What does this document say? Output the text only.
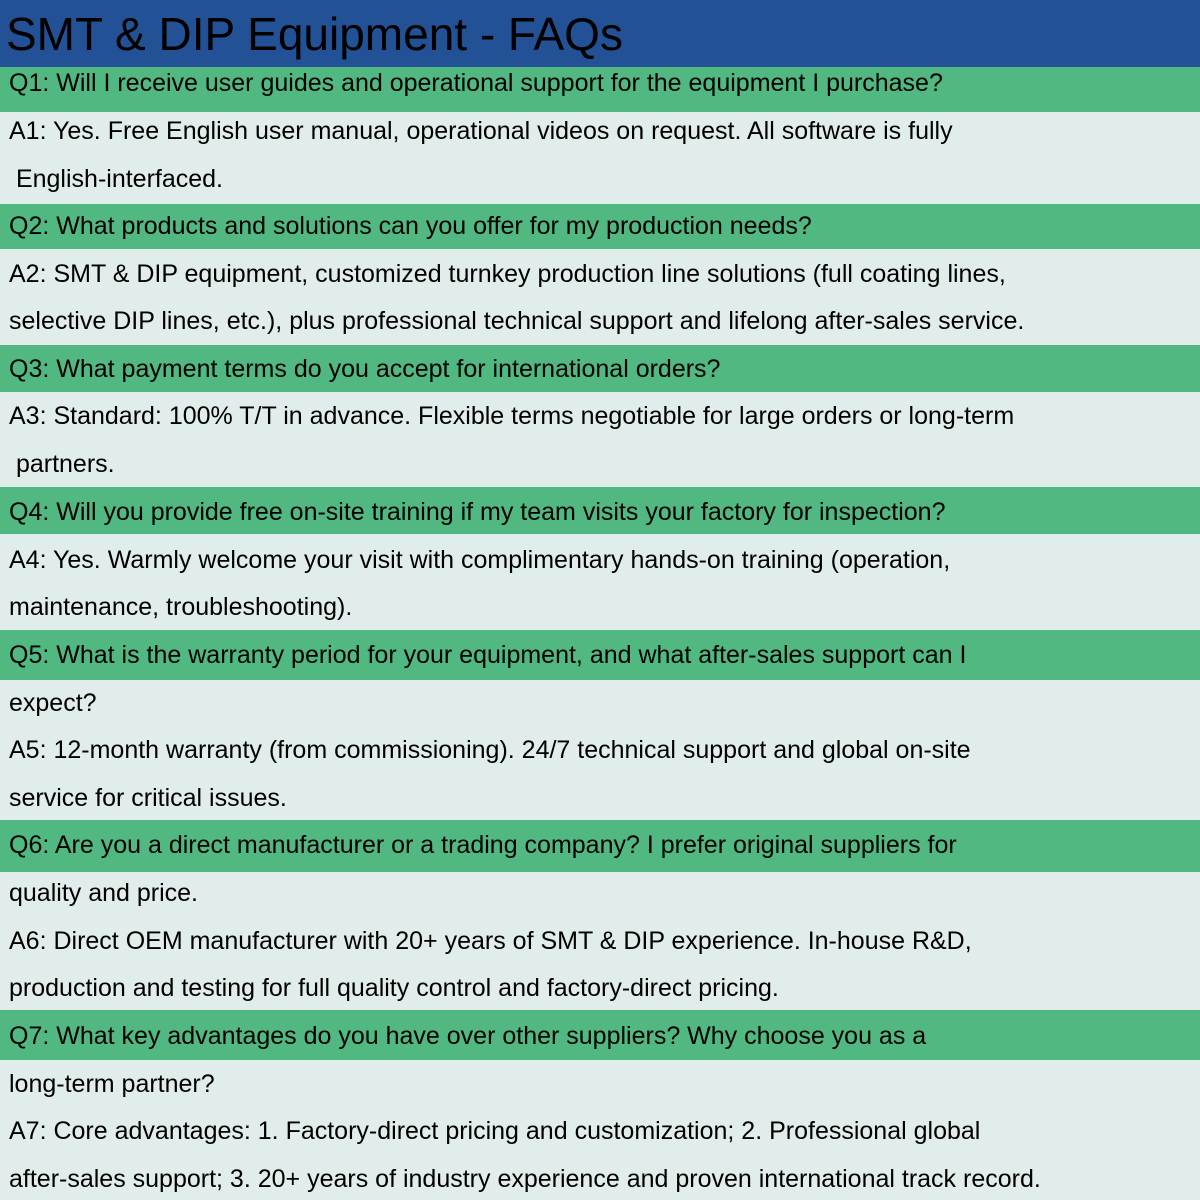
SMT & DIP Equipment - FAQs
Q1: Will I receive user guides and operational support for the equipment I purchase?
A1: Yes. Free English user manual, operational videos on request. All software is fully
English-interfaced.
Q2: What products and solutions can you offer for my production needs?
A2: SMT & DIP equipment, customized turnkey production line solutions (full coating lines,
selective DIP lines, etc.), plus professional technical support and lifelong after-sales service.
Q3: What payment terms do you accept for international orders?
A3: Standard: 100% T/T in advance. Flexible terms negotiable for large orders or long-term
partners.
Q4: Will you provide free on-site training if my team visits your factory for inspection?
A4: Yes. Warmly welcome your visit with complimentary hands-on training (operation,
maintenance, troubleshooting).
Q5: What is the warranty period for your equipment, and what after-sales support can I
expect?
A5: 12-month warranty (from commissioning). 24/7 technical support and global on-site
service for critical issues.
Q6: Are you a direct manufacturer or a trading company? I prefer original suppliers for
quality and price.
A6: Direct OEM manufacturer with 20+ years of SMT & DIP experience. In-house R&D,
production and testing for full quality control and factory-direct pricing.
Q7: What key advantages do you have over other suppliers? Why choose you as a
long-term partner?
A7: Core advantages: 1. Factory-direct pricing and customization; 2. Professional global
after-sales support; 3. 20+ years of industry experience and proven international track record.
